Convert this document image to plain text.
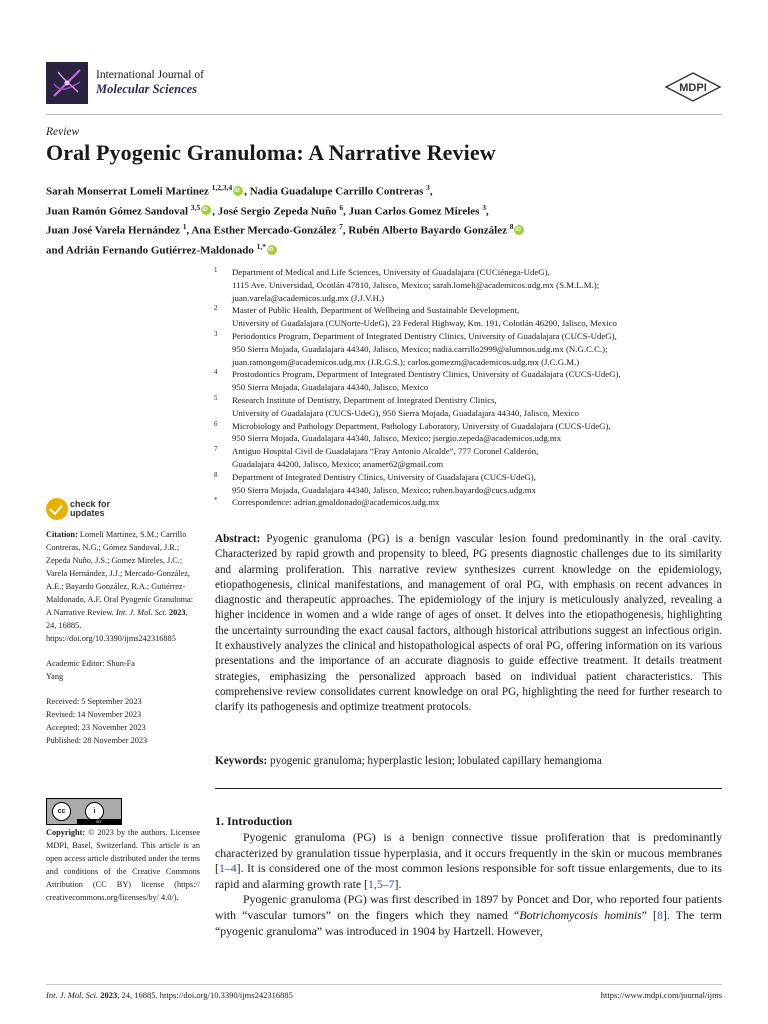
International Journal of
Molecular Sciences	MDPI
Review
Oral Pyogenic Granuloma: A Narrative Review
Sarah Monserrat Lomeli Martinez $^{1,2,3,4}$ iD , Nadia Guadalupe Carrillo Contreras $^3$,
Juan Ramón Gómez Sandoval $^{3,5}$ iD , José Sergio Zepeda Nuño $^6$, Juan Carlos Gomez Mireles $^3$,
Juan José Varela Hernández $^1$, Ana Esther Mercado-González $^7$, Rubén Alberto Bayardo González $^8$iD
and Adrián Fernando Gutiérrez-Maldonado $^{1,*}$iD
1 Department of Medical and Life Sciences, University of Guadalajara (CUCiénega-UdeG),
1115 Ave. Universidad, Ocotlán 47810, Jalisco, Mexico; sarah.lomeli@academicos.udg.mx (S.M.L.M.);
juan.varela@academicos.udg.mx (J.J.V.H.)
2 Master of Public Health, Department of Wellbeing and Sustainable Development,
University of Guadalajara (CUNorte-UdeG), 23 Federal Highway, Km. 191, Colotlán 46200, Jalisco, Mexico
3 Periodontics Program, Department of Integrated Dentistry Clinics, University of Guadalajara (CUCS-UdeG),
950 Sierra Mojada, Guadalajara 44340, Jalisco, Mexico; nadia.carrillo2999@alumnos.udg.mx (N.G.C.C.);
juan.ramongom@academicos.udg.mx (J.R.G.S.); carlos.gomezm@academicos.udg.mx (J.C.G.M.)
4 Prostodontics Program, Department of Integrated Dentistry Clinics, University of Guadalajara (CUCS-UdeG),
950 Sierra Mojada, Guadalajara 44340, Jalisco, Mexico
5 Research Institute of Dentistry, Department of Integrated Dentistry Clinics,
University of Guadalajara (CUCS-UdeG), 950 Sierra Mojada, Guadalajara 44340, Jalisco, Mexico
6 Microbiology and Pathology Department, Pathology Laboratory, University of Guadalajara (CUCS-UdeG),
950 Sierra Mojada, Guadalajara 44340, Jalisco, Mexico; jsergio.zepeda@academicos.udg.mx
7 Antiguo Hospital Civil de Guadalajara “Fray Antonio Alcalde”, 777 Coronel Calderón,
Guadalajara 44200, Jalisco, Mexico; anamer62@gmail.com
8 Department of Integrated Dentistry Clinics, University of Guadalajara (CUCS-UdeG),
950 Sierra Mojada, Guadalajara 44340, Jalisco, Mexico; ruben.bayardo@cucs.udg.mx
* Correspondence: adrian.gmaldonado@academicos.udg.mx
check for
updates
Citation: Lomeli Martinez, S.M.; Carrillo Contreras, N.G.; Gómez Sandoval, J.R.; Zepeda Nuño, J.S.; Gomez Mireles, J.C.; Varela Hernández, J.J.; Mercado-González, A.E.; Bayardo González, R.A.; Gutiérrez-Maldonado, A.F. Oral Pyogenic Granuloma: A Narrative Review. Int. J. Mol. Sci. 2023, 24, 16885. https://doi.org/10.3390/ijms242316885
Academic Editor: Shun-Fa
Yang
Received: 5 September 2023
Revised: 14 November 2023
Accepted: 23 November 2023
Published: 28 November 2023
cc	i
BY
Copyright: © 2023 by the authors. Licensee MDPI, Basel, Switzerland. This article is an open access article distributed under the terms and conditions of the Creative Commons Attribution (CC BY) license (https:// creativecommons.org/licenses/by/ 4.0/).
Abstract: Pyogenic granuloma (PG) is a benign vascular lesion found predominantly in the oral cavity. Characterized by rapid growth and propensity to bleed, PG presents diagnostic challenges due to its similarity and alarming proliferation. This narrative review synthesizes current knowledge on the epidemiology, etiopathogenesis, clinical manifestations, and management of oral PG, with emphasis on recent advances in diagnostic and therapeutic approaches. The epidemiology of the injury is meticulously analyzed, revealing a higher incidence in women and a wide range of ages of onset. It delves into the etiopathogenesis, highlighting the uncertainty surrounding the exact causal factors, although historical attributions suggest an infectious origin. It exhaustively analyzes the clinical and histopathological aspects of oral PG, offering information on its various presentations and the importance of an accurate diagnosis to guide effective treatment. It details treatment strategies, emphasizing the personalized approach based on individual patient characteristics. This comprehensive review consolidates current knowledge on oral PG, highlighting the need for further research to clarify its pathogenesis and optimize treatment protocols.
Keywords: pyogenic granuloma; hyperplastic lesion; lobulated capillary hemangioma
1. Introduction

Pyogenic granuloma (PG) is a benign connective tissue proliferation that is predominantly characterized by granulation tissue hyperplasia, and it occurs frequently in the skin or mucous membranes [1–4]. It is considered one of the most common lesions responsible for soft tissue enlargements, due to its rapid and alarming growth rate [1,5–7].

Pyogenic granuloma (PG) was first described in 1897 by Poncet and Dor, who reported four patients with “vascular tumors” on the fingers which they named “Botrichomycosis hominis” [8]. The term “pyogenic granuloma” was introduced in 1904 by Hartzell. However,

Int. J. Mol. Sci. 2023, 24, 16885. https://doi.org/10.3390/ijms242316885	https://www.mdpi.com/journal/ijms
